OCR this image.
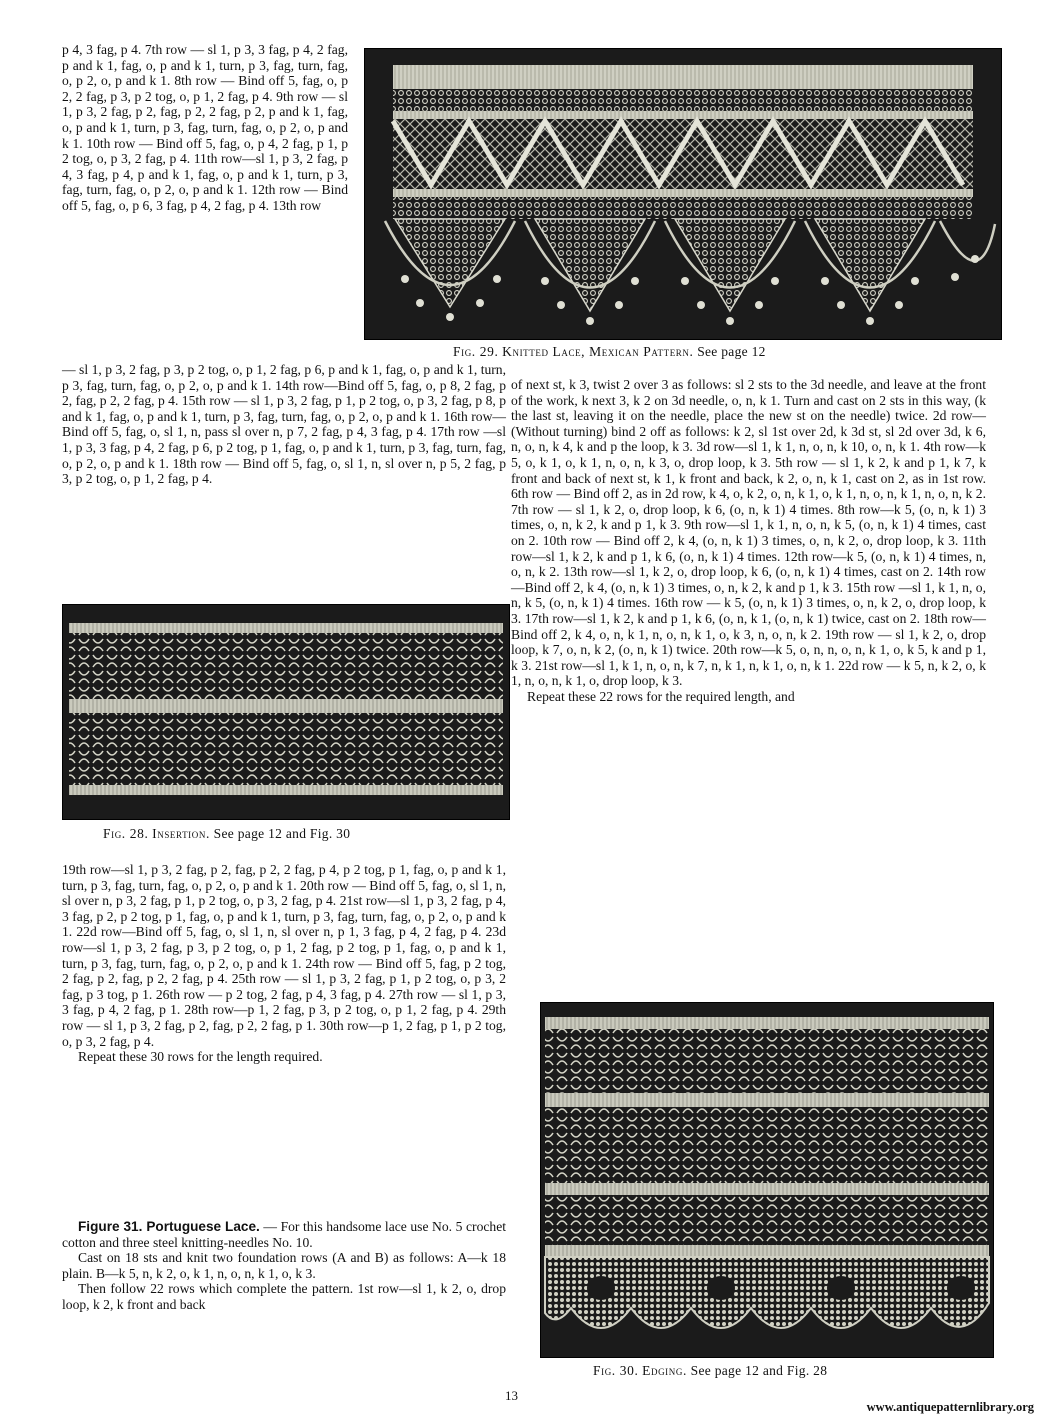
Fig. 29. Knitted Lace, Mexican Pattern. See page 12

p 4, 3 fag, p 4. 7th row — sl 1, p 3, 3 fag, p 4, 2 fag, p and k 1, fag, o, p and k 1, turn, p 3, fag, turn, fag, o, p 2, o, p and k 1. 8th row — Bind off 5, fag, o, p 2, 2 fag, p 3, p 2 tog, o, p 1, 2 fag, p 4. 9th row — sl 1, p 3, 2 fag, p 2, fag, p 2, 2 fag, p 2, p and k 1, fag, o, p and k 1, turn, p 3, fag, turn, fag, o, p 2, o, p and k 1. 10th row — Bind off 5, fag, o, p 4, 2 fag, p 1, p 2 tog, o, p 3, 2 fag, p 4. 11th row—sl 1, p 3, 2 fag, p 4, 3 fag, p 4, p and k 1, fag, o, p and k 1, turn, p 3, fag, turn, fag, o, p 2, o, p and k 1. 12th row — Bind off 5, fag, o, p 6, 3 fag, p 4, 2 fag, p 4. 13th row

— sl 1, p 3, 2 fag, p 3, p 2 tog, o, p 1, 2 fag, p 6, p and k 1, fag, o, p and k 1, turn, p 3, fag, turn, fag, o, p 2, o, p and k 1. 14th row—Bind off 5, fag, o, p 8, 2 fag, p 2, fag, p 2, 2 fag, p 4. 15th row — sl 1, p 3, 2 fag, p 1, p 2 tog, o, p 3, 2 fag, p 8, p and k 1, fag, o, p and k 1, turn, p 3, fag, turn, fag, o, p 2, o, p and k 1. 16th row—Bind off 5, fag, o, sl 1, n, pass sl over n, p 7, 2 fag, p 4, 3 fag, p 4. 17th row —sl 1, p 3, 3 fag, p 4, 2 fag, p 6, p 2 tog, p 1, fag, o, p and k 1, turn, p 3, fag, turn, fag, o, p 2, o, p and k 1. 18th row — Bind off 5, fag, o, sl 1, n, sl over n, p 5, 2 fag, p 3, p 2 tog, o, p 1, 2 fag, p 4.

Fig. 28. Insertion. See page 12 and Fig. 30

19th row—sl 1, p 3, 2 fag, p 2, fag, p 2, 2 fag, p 4, p 2 tog, p 1, fag, o, p and k 1, turn, p 3, fag, turn, fag, o, p 2, o, p and k 1. 20th row — Bind off 5, fag, o, sl 1, n, sl over n, p 3, 2 fag, p 1, p 2 tog, o, p 3, 2 fag, p 4. 21st row—sl 1, p 3, 2 fag, p 4, 3 fag, p 2, p 2 tog, p 1, fag, o, p and k 1, turn, p 3, fag, turn, fag, o, p 2, o, p and k 1. 22d row—Bind off 5, fag, o, sl 1, n, sl over n, p 1, 3 fag, p 4, 2 fag, p 4. 23d row—sl 1, p 3, 2 fag, p 3, p 2 tog, o, p 1, 2 fag, p 2 tog, p 1, fag, o, p and k 1, turn, p 3, fag, turn, fag, o, p 2, o, p and k 1. 24th row — Bind off 5, fag, p 2 tog, 2 fag, p 2, fag, p 2, 2 fag, p 4. 25th row — sl 1, p 3, 2 fag, p 1, p 2 tog, o, p 3, 2 fag, p 3 tog, p 1. 26th row — p 2 tog, 2 fag, p 4, 3 fag, p 4. 27th row — sl 1, p 3, 3 fag, p 4, 2 fag, p 1. 28th row—p 1, 2 fag, p 3, p 2 tog, o, p 1, 2 fag, p 4. 29th row — sl 1, p 3, 2 fag, p 2, fag, p 2, 2 fag, p 1. 30th row—p 1, 2 fag, p 1, p 2 tog, o, p 3, 2 fag, p 4.

Repeat these 30 rows for the length required.

Figure 31. Portuguese Lace. — For this handsome lace use No. 5 crochet cotton and three steel knitting-needles No. 10.

Cast on 18 sts and knit two foundation rows (A and B) as follows: A—k 18 plain. B—k 5, n, k 2, o, k 1, n, o, n, k 1, o, k 3.

Then follow 22 rows which complete the pattern. 1st row—sl 1, k 2, o, drop loop, k 2, k front and back

of next st, k 3, twist 2 over 3 as follows: sl 2 sts to the 3d needle, and leave at the front of the work, k next 3, k 2 on 3d needle, o, n, k 1. Turn and cast on 2 sts in this way, (k the last st, leaving it on the needle, place the new st on the needle) twice. 2d row—(Without turning) bind 2 off as follows: k 2, sl 1st over 2d, k 3d st, sl 2d over 3d, k 6, n, o, n, k 4, k and p the loop, k 3. 3d row—sl 1, k 1, n, o, n, k 10, o, n, k 1. 4th row—k 5, o, k 1, o, k 1, n, o, n, k 3, o, drop loop, k 3. 5th row — sl 1, k 2, k and p 1, k 7, k front and back of next st, k 1, k front and back, k 2, o, n, k 1, cast on 2, as in 1st row. 6th row — Bind off 2, as in 2d row, k 4, o, k 2, o, n, k 1, o, k 1, n, o, n, k 1, n, o, n, k 2. 7th row — sl 1, k 2, o, drop loop, k 6, (o, n, k 1) 4 times. 8th row—k 5, (o, n, k 1) 3 times, o, n, k 2, k and p 1, k 3. 9th row—sl 1, k 1, n, o, n, k 5, (o, n, k 1) 4 times, cast on 2. 10th row — Bind off 2, k 4, (o, n, k 1) 3 times, o, n, k 2, o, drop loop, k 3. 11th row—sl 1, k 2, k and p 1, k 6, (o, n, k 1) 4 times. 12th row—k 5, (o, n, k 1) 4 times, n, o, n, k 2. 13th row—sl 1, k 2, o, drop loop, k 6, (o, n, k 1) 4 times, cast on 2. 14th row—Bind off 2, k 4, (o, n, k 1) 3 times, o, n, k 2, k and p 1, k 3. 15th row —sl 1, k 1, n, o, n, k 5, (o, n, k 1) 4 times. 16th row — k 5, (o, n, k 1) 3 times, o, n, k 2, o, drop loop, k 3. 17th row—sl 1, k 2, k and p 1, k 6, (o, n, k 1, (o, n, k 1) twice, cast on 2. 18th row—Bind off 2, k 4, o, n, k 1, n, o, n, k 1, o, k 3, n, o, n, k 2. 19th row — sl 1, k 2, o, drop loop, k 7, o, n, k 2, (o, n, k 1) twice. 20th row—k 5, o, n, n, o, n, k 1, o, k 5, k and p 1, k 3. 21st row—sl 1, k 1, n, o, n, k 7, n, k 1, n, k 1, o, n, k 1. 22d row — k 5, n, k 2, o, k 1, n, o, n, k 1, o, drop loop, k 3.

Repeat these 22 rows for the required length, and

Fig. 30. Edging. See page 12 and Fig. 28
13
www.antiquepatternlibrary.org
